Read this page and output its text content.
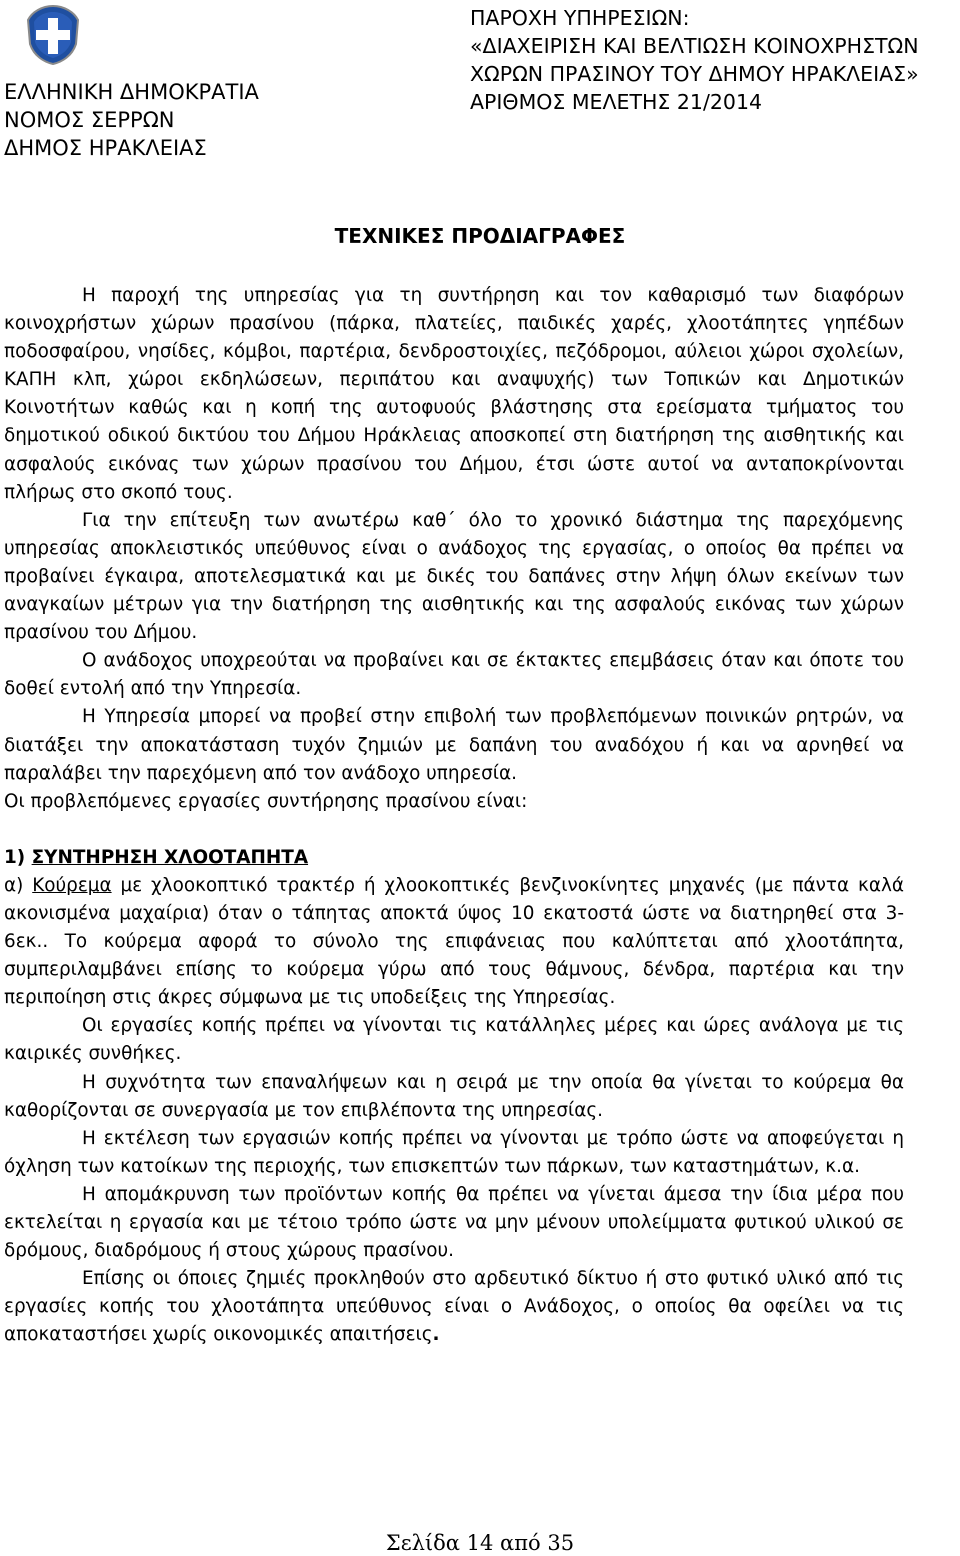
ΕΛΛΗΝΙΚΗ ΔΗΜΟΚΡΑΤΙΑ
ΝΟΜΟΣ ΣΕΡΡΩΝ
ΔΗΜΟΣ ΗΡΑΚΛΕΙΑΣ
ΠΑΡΟΧΗ ΥΠΗΡΕΣΙΩΝ:
«ΔΙΑΧΕΙΡΙΣΗ ΚΑΙ ΒΕΛΤΙΩΣΗ ΚΟΙΝΟΧΡΗΣΤΩΝ
ΧΩΡΩΝ ΠΡΑΣΙΝΟΥ ΤΟΥ ΔΗΜΟΥ ΗΡΑΚΛΕΙΑΣ»
ΑΡΙΘΜΟΣ ΜΕΛΕΤΗΣ 21/2014
ΤΕΧΝΙΚΕΣ ΠΡΟΔΙΑΓΡΑΦΕΣ

Η παροχή της υπηρεσίας για τη συντήρηση και τον καθαρισμό των διαφόρων κοινοχρήστων χώρων πρασίνου (πάρκα, πλατείες, παιδικές χαρές, χλοοτάπητες γηπέδων ποδοσφαίρου, νησίδες, κόμβοι, παρτέρια, δενδροστοιχίες, πεζόδρομοι, αύλειοι χώροι σχολείων, ΚΑΠΗ κλπ, χώροι εκδηλώσεων, περιπάτου και αναψυχής) των Τοπικών και Δημοτικών Κοινοτήτων καθώς και η κοπή της αυτοφυούς βλάστησης στα ερείσματα τμήματος του δημοτικού οδικού δικτύου του Δήμου Ηράκλειας αποσκοπεί στη διατήρηση της αισθητικής και ασφαλούς εικόνας των χώρων πρασίνου του Δήμου, έτσι ώστε αυτοί να ανταποκρίνονται πλήρως στο σκοπό τους.

Για την επίτευξη των ανωτέρω καθ΄ όλο το χρονικό διάστημα της παρεχόμενης υπηρεσίας αποκλειστικός υπεύθυνος είναι ο ανάδοχος της εργασίας, ο οποίος θα πρέπει να προβαίνει έγκαιρα, αποτελεσματικά και με δικές του δαπάνες στην λήψη όλων εκείνων των αναγκαίων μέτρων για την διατήρηση της αισθητικής και της ασφαλούς εικόνας των χώρων πρασίνου του Δήμου.

Ο ανάδοχος υποχρεούται να προβαίνει και σε έκτακτες επεμβάσεις όταν και όποτε του δοθεί εντολή από την Υπηρεσία.

Η Υπηρεσία μπορεί να προβεί στην επιβολή των προβλεπόμενων ποινικών ρητρών, να διατάξει την αποκατάσταση τυχόν ζημιών με δαπάνη του αναδόχου ή και να αρνηθεί να παραλάβει την παρεχόμενη από τον ανάδοχο υπηρεσία.

Οι προβλεπόμενες εργασίες συντήρησης πρασίνου είναι:

1) ΣΥΝΤΗΡΗΣΗ ΧΛΟΟΤΑΠΗΤΑ

α) Κούρεμα με χλοοκοπτικό τρακτέρ ή χλοοκοπτικές βενζινοκίνητες μηχανές (με πάντα καλά ακονισμένα μαχαίρια) όταν ο τάπητας αποκτά ύψος 10 εκατοστά ώστε να διατηρηθεί στα 3-6εκ.. Το κούρεμα αφορά το σύνολο της επιφάνειας που καλύπτεται από χλοοτάπητα, συμπεριλαμβάνει επίσης το κούρεμα γύρω από τους θάμνους, δένδρα, παρτέρια και την περιποίηση στις άκρες σύμφωνα με τις υποδείξεις της Υπηρεσίας.

Οι εργασίες κοπής πρέπει να γίνονται τις κατάλληλες μέρες και ώρες ανάλογα με τις καιρικές συνθήκες.

Η συχνότητα των επαναλήψεων και η σειρά με την οποία θα γίνεται το κούρεμα θα καθορίζονται σε συνεργασία με τον επιβλέποντα της υπηρεσίας.

Η εκτέλεση των εργασιών κοπής πρέπει να γίνονται με τρόπο ώστε να αποφεύγεται η όχληση των κατοίκων της περιοχής, των επισκεπτών των πάρκων, των καταστημάτων, κ.α.

Η απομάκρυνση των προϊόντων κοπής θα πρέπει να γίνεται άμεσα την ίδια μέρα που εκτελείται η εργασία και με τέτοιο τρόπο ώστε να μην μένουν υπολείμματα φυτικού υλικού σε δρόμους, διαδρόμους ή στους χώρους πρασίνου.

Επίσης οι όποιες ζημιές προκληθούν στο αρδευτικό δίκτυο ή στο φυτικό υλικό από τις εργασίες κοπής του χλοοτάπητα υπεύθυνος είναι ο Ανάδοχος, ο οποίος θα οφείλει να τις αποκαταστήσει χωρίς οικονομικές απαιτήσεις.

Σελίδα 14 από 35
